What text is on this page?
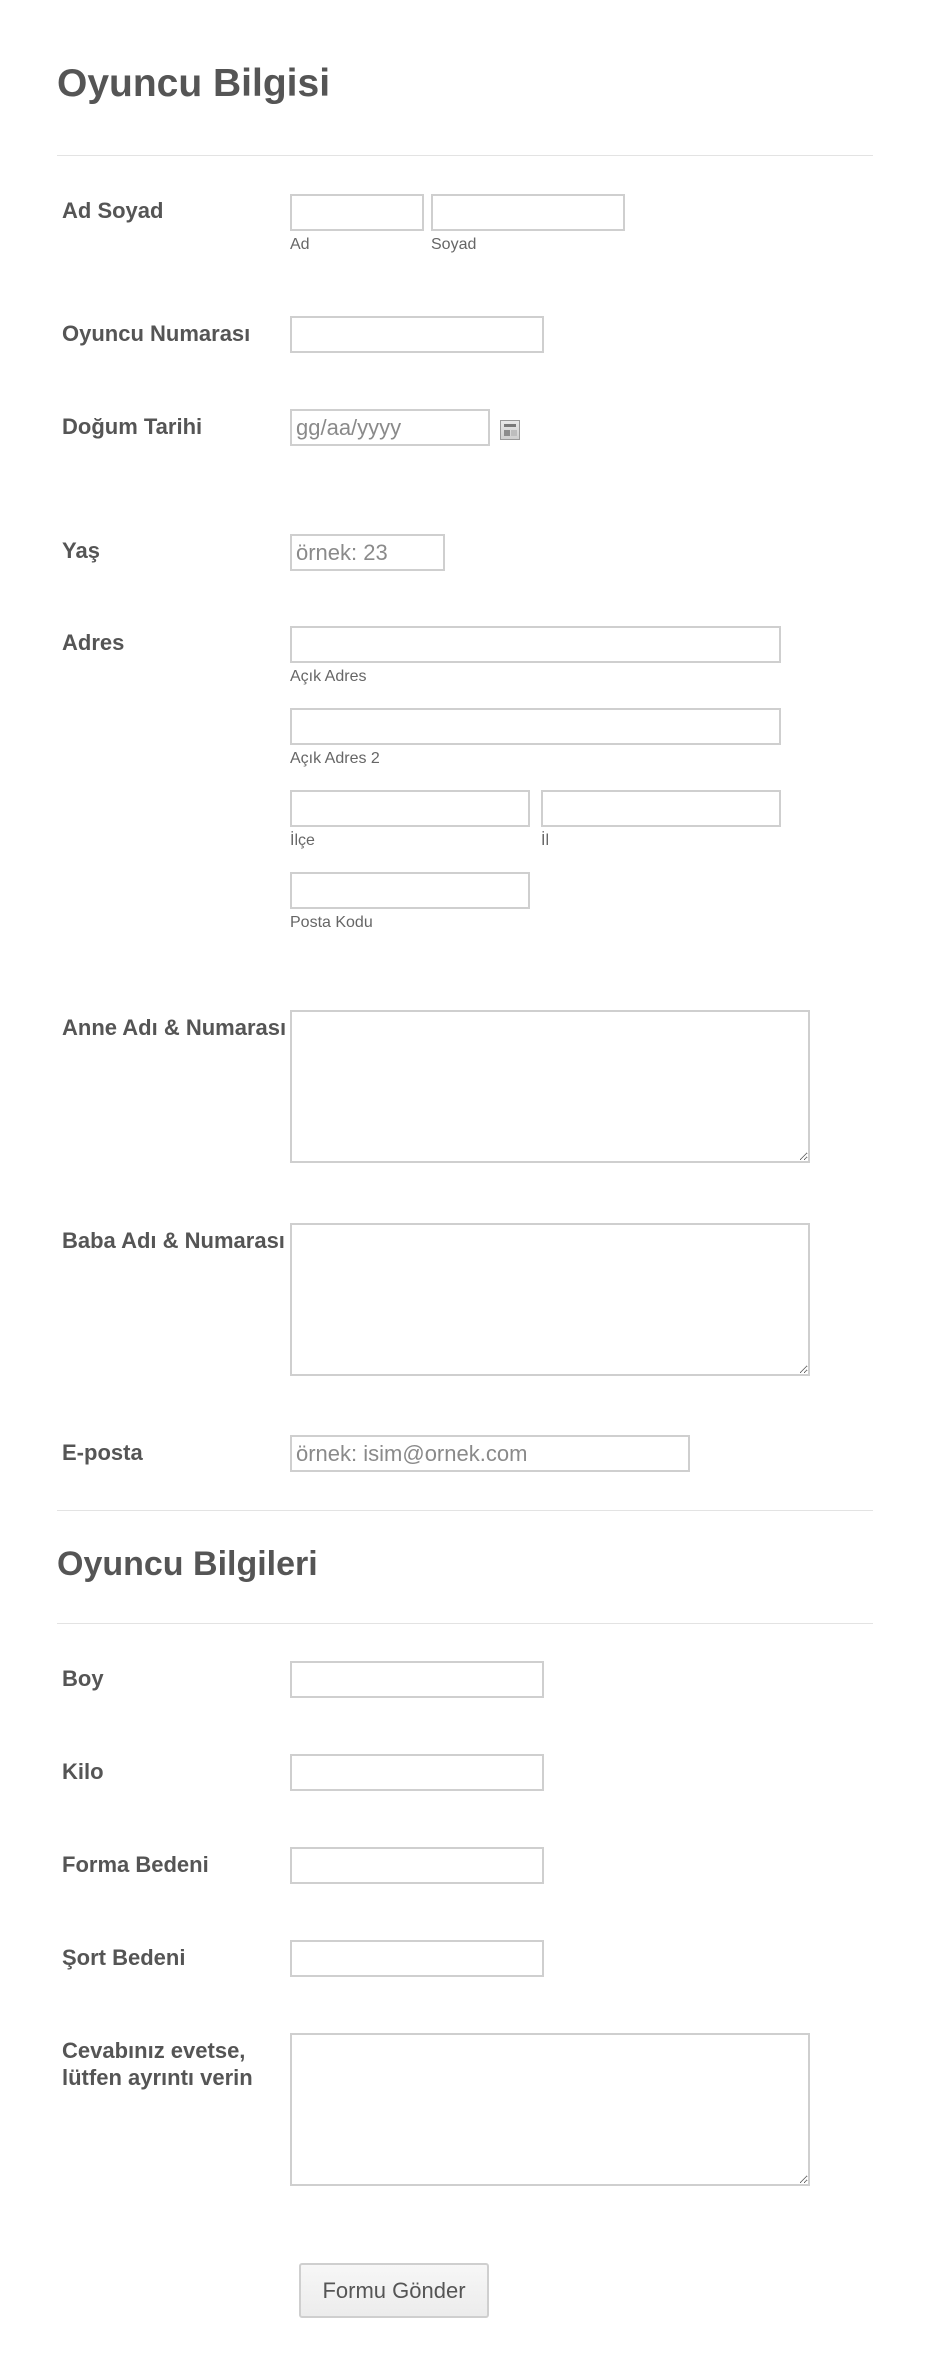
Oyuncu Bilgisi
Ad Soyad
Ad	Soyad
Oyuncu Numarası
Doğum Tarihi
gg/aa/yyyy
Yaş
örnek: 23
Adres
Açık Adres
Açık Adres 2
İlçe	İl
Posta Kodu
Anne Adı & Numarası
Baba Adı & Numarası
E-posta
örnek: isim@ornek.com
Oyuncu Bilgileri
Boy
Kilo
Forma Bedeni
Şort Bedeni
Cevabınız evetse,
lütfen ayrıntı verin
Formu Gönder
